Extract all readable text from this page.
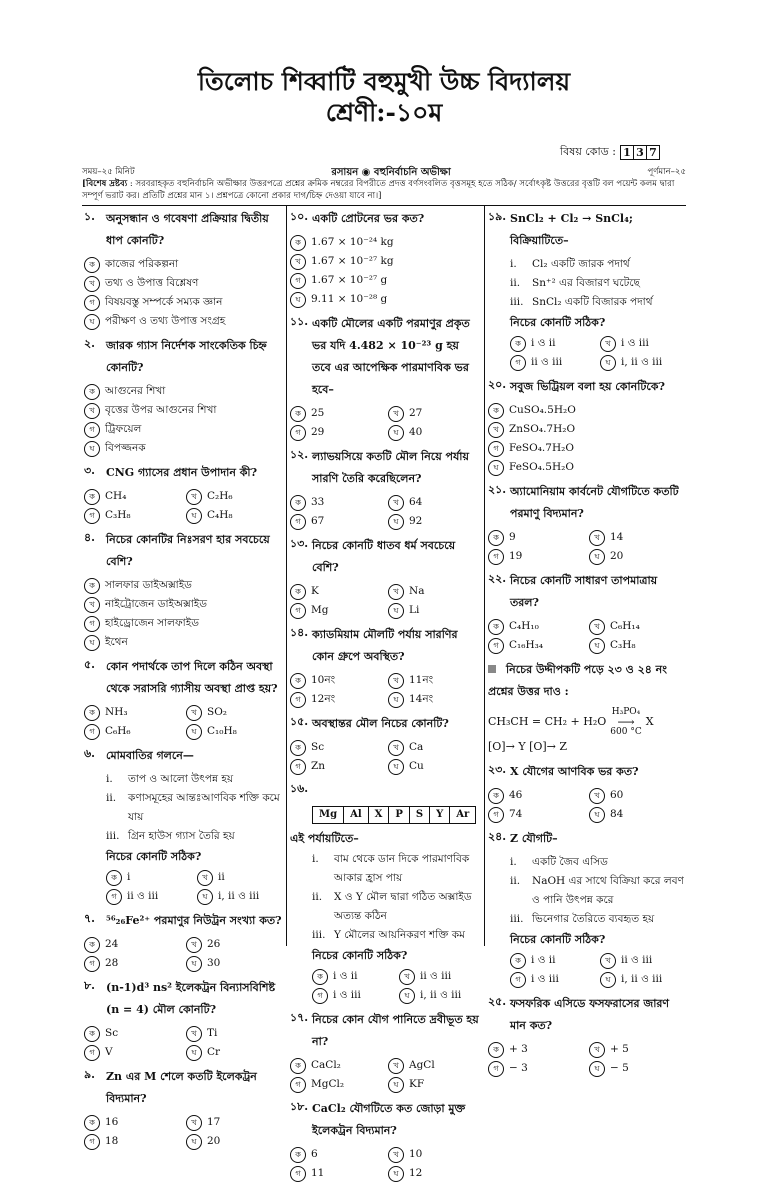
তিলোচ শিব্বাটি বহুমুখী উচ্চ বিদ্যালয়
শ্রেণী:-১০ম
বিষয় কোড : 1 3 7
সময়–২৫ মিনিট	রসায়ন ◉ বহুনির্বাচনি অভীক্ষা	পূর্ণমান–২৫
[বিশেষ দ্রষ্টব্য : সরবরাহকৃত বহুনির্বাচনি অভীক্ষার উত্তরপত্রে প্রশ্নের ক্রমিক নম্বরের বিপরীতে প্রদত্ত বর্ণসংবলিত বৃত্তসমূহ হতে সঠিক/ সর্বোৎকৃষ্ট উত্তরের বৃত্তটি বল পয়েন্ট কলম দ্বারা সম্পূর্ণ ভরাট কর। প্রতিটি প্রশ্নের মান ১। প্রশ্নপত্রে কোনো প্রকার দাগ/চিহ্ন দেওয়া যাবে না।]
১.	অনুসন্ধান ও গবেষণা প্রক্রিয়ার দ্বিতীয় ধাপ কোনটি?
ক কাজের পরিকল্পনা
খ তথ্য ও উপাত্ত বিশ্লেষণ
গ বিষয়বস্তু সম্পর্কে সম্যক জ্ঞান
ঘ	পরীক্ষণ ও তথ্য উপাত্ত সংগ্রহ
২.	জারক গ্যাস নির্দেশক সাংকেতিক চিহ্ন কোনটি?
ক আগুনের শিখা
খ বৃত্তের উপর আগুনের শিখা
গ ট্রিফয়েল
ঘ	বিপজ্জনক
৩.	CNG গ্যাসের প্রধান উপাদান কী?
ক CH₄	খ C₂H₆
গ C₃H₈	ঘ	C₄H₈
৪.	নিচের কোনটির নিঃসরণ হার সবচেয়ে বেশি?
ক সালফার ডাইঅক্সাইড
খ নাইট্রোজেন ডাইঅক্সাইড
গ হাইড্রোজেন সালফাইড
ঘ	ইথেন
৫.	কোন পদার্থকে তাপ দিলে কঠিন অবস্থা থেকে সরাসরি গ্যাসীয় অবস্থা প্রাপ্ত হয়?
ক NH₃	খ SO₂
গ C₆H₆	ঘ	C₁₀H₈
৬.	মোমবাতির গলনে—
i.	তাপ ও আলো উৎপন্ন হয়
ii.	কণাসমূহের আন্তঃআণবিক শক্তি কমে যায়
iii. গ্রিন হাউস গ্যাস তৈরি হয়
নিচের কোনটি সঠিক?
ক i	খ ii
গ ii ও iii	ঘ	i, ii ও iii
৭.	⁵⁶₂₆Fe²⁺ পরমাণুর নিউট্রন সংখ্যা কত?
ক 24	খ 26
গ 28	ঘ	30
৮.	(n-1)d³ ns² ইলেকট্রন বিন্যাসবিশিষ্ট (n = 4) মৌল কোনটি?
ক Sc	খ Ti
গ V	ঘ	Cr
৯.	Zn এর M শেলে কতটি ইলেকট্রন বিদ্যমান?
ক 16	খ 17
গ 18	ঘ	20
১০. একটি প্রোটনের ভর কত?
ক 1.67 × 10⁻²⁴ kg
খ 1.67 × 10⁻²⁷ kg
গ 1.67 × 10⁻²⁷ g
ঘ	9.11 × 10⁻²⁸ g
১১. একটি মৌলের একটি পরমাণুর প্রকৃত ভর যদি 4.482 × 10⁻²³ g হয় তবে এর আপেক্ষিক পারমাণবিক ভর হবে–
ক 25	খ 27
গ 29	ঘ	40
১২. ল্যাভয়সিয়ে কতটি মৌল নিয়ে পর্যায় সারণি তৈরি করেছিলেন?
ক 33	খ 64
গ 67	ঘ	92
১৩. নিচের কোনটি ধাতব ধর্ম সবচেয়ে বেশি?
ক K	খ Na
গ Mg	ঘ	Li
১৪. ক্যাডমিয়াম মৌলটি পর্যায় সারণির কোন গ্রুপে অবস্থিত?
ক 10নং	খ 11নং
গ 12নং	ঘ	14নং
১৫. অবস্থান্তর মৌল নিচের কোনটি?
ক Sc	খ Ca
গ Zn	ঘ	Cu
১৬.
Mg	Al	X	P	S	Y	Ar
এই পর্যায়টিতে–
i.	বাম থেকে ডান দিকে পারমাণবিক আকার হ্রাস পায়
ii.	X ও Y মৌল দ্বারা গঠিত অক্সাইড অত্যন্ত কঠিন
iii. Y মৌলের আয়নিকরণ শক্তি কম
নিচের কোনটি সঠিক?
ক i ও ii	খ ii ও iii
গ i ও iii	ঘ	i, ii ও iii
১৭. নিচের কোন যৌগ পানিতে দ্রবীভূত হয় না?
ক CaCl₂	খ AgCl
গ MgCl₂	ঘ	KF
১৮. CaCl₂ যৌগটিতে কত জোড়া মুক্ত ইলেকট্রন বিদ্যমান?
ক 6	খ 10
গ 11	ঘ	12
১৯. SnCl₂ + Cl₂ → SnCl₄; বিক্রিয়াটিতে–
i.	Cl₂ একটি জারক পদার্থ
ii.	Sn⁺² এর বিজারণ ঘটেছে
iii. SnCl₂ একটি বিজারক পদার্থ
নিচের কোনটি সঠিক?
ক i ও ii	খ i ও iii
গ ii ও iii	ঘ	i, ii ও iii
২০. সবুজ ভিট্রিয়ল বলা হয় কোনটিকে?
ক CuSO₄.5H₂O
খ ZnSO₄.7H₂O
গ FeSO₄.7H₂O
ঘ	FeSO₄.5H₂O
২১. অ্যামোনিয়াম কার্বনেট যৌগটিতে কতটি পরমাণু বিদ্যমান?
ক 9	খ 14
গ 19	ঘ	20
২২. নিচের কোনটি সাধারণ তাপমাত্রায় তরল?
ক C₄H₁₀	খ C₆H₁₄
গ C₁₆H₃₄	ঘ	C₃H₈
নিচের উদ্দীপকটি পড়ে ২৩ ও ২৪ নং প্রশ্নের উত্তর দাও :
CH₃CH = CH₂ + H₂O
H₃PO₄
⟶
600 °C
X
[O]→ Y [O]→ Z
২৩. X যৌগের আণবিক ভর কত?
ক 46	খ 60
গ 74	ঘ	84
২৪. Z যৌগটি–
i.	একটি জৈব এসিড
ii.	NaOH এর সাথে বিক্রিয়া করে লবণ ও পানি উৎপন্ন করে
iii. ভিনেগার তৈরিতে ব্যবহৃত হয়
নিচের কোনটি সঠিক?
ক i ও ii	খ ii ও iii
গ i ও iii	ঘ	i, ii ও iii
২৫. ফসফরিক এসিডে ফসফরাসের জারণ মান কত?
ক + 3	খ + 5
গ − 3	ঘ	− 5
